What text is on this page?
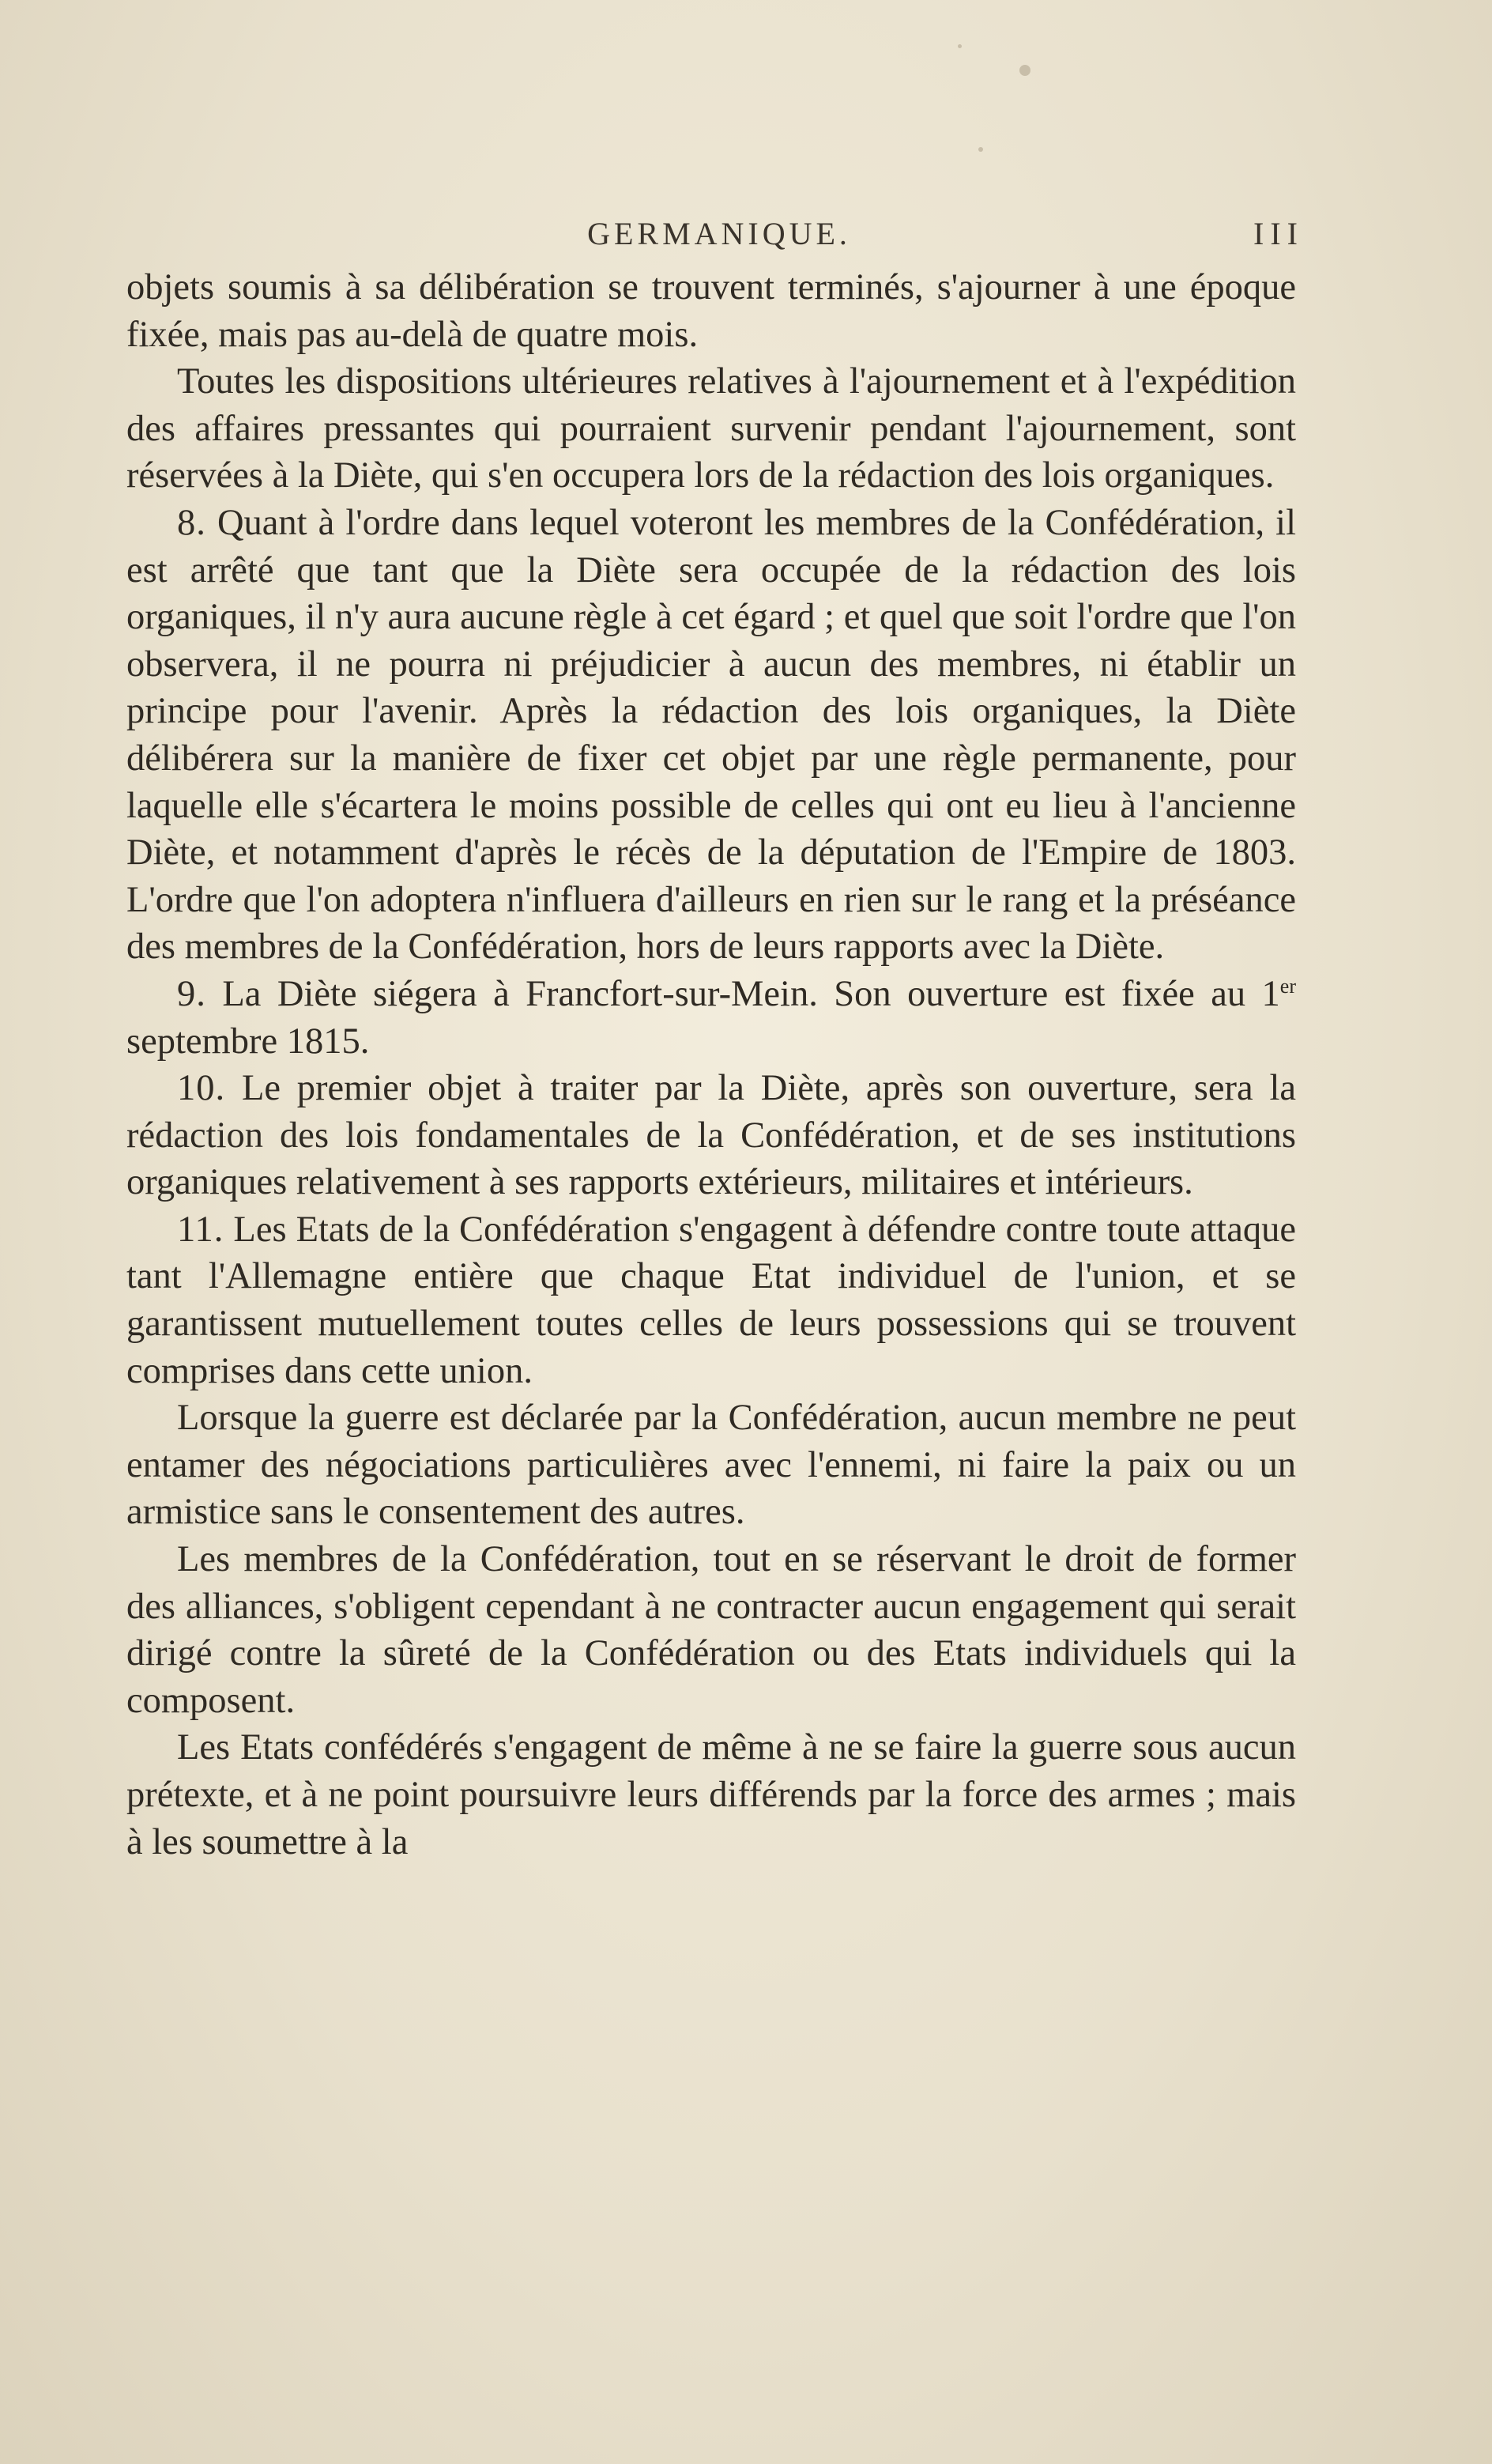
GERMANIQUE.	III

objets soumis à sa délibération se trouvent terminés, s'ajourner à une époque fixée, mais pas au-delà de quatre mois.

Toutes les dispositions ultérieures relatives à l'ajournement et à l'expédition des affaires pressantes qui pourraient survenir pendant l'ajournement, sont réservées à la Diète, qui s'en occupera lors de la rédaction des lois organiques.

8. Quant à l'ordre dans lequel voteront les membres de la Confédération, il est arrêté que tant que la Diète sera occupée de la rédaction des lois organiques, il n'y aura aucune règle à cet égard ; et quel que soit l'ordre que l'on observera, il ne pourra ni préjudicier à aucun des membres, ni établir un principe pour l'avenir. Après la rédaction des lois organiques, la Diète délibérera sur la manière de fixer cet objet par une règle permanente, pour laquelle elle s'écartera le moins possible de celles qui ont eu lieu à l'ancienne Diète, et notamment d'après le récès de la députation de l'Empire de 1803. L'ordre que l'on adoptera n'influera d'ailleurs en rien sur le rang et la préséance des membres de la Confédération, hors de leurs rapports avec la Diète.

9. La Diète siégera à Francfort-sur-Mein. Son ouverture est fixée au 1er septembre 1815.

10. Le premier objet à traiter par la Diète, après son ouverture, sera la rédaction des lois fondamentales de la Confédération, et de ses institutions organiques relativement à ses rapports extérieurs, militaires et intérieurs.

11. Les Etats de la Confédération s'engagent à défendre contre toute attaque tant l'Allemagne entière que chaque Etat individuel de l'union, et se garantissent mutuellement toutes celles de leurs possessions qui se trouvent comprises dans cette union.

Lorsque la guerre est déclarée par la Confédération, aucun membre ne peut entamer des négociations particulières avec l'ennemi, ni faire la paix ou un armistice sans le consentement des autres.

Les membres de la Confédération, tout en se réservant le droit de former des alliances, s'obligent cependant à ne contracter aucun engagement qui serait dirigé contre la sûreté de la Confédération ou des Etats individuels qui la composent.

Les Etats confédérés s'engagent de même à ne se faire la guerre sous aucun prétexte, et à ne point poursuivre leurs différends par la force des armes ; mais à les soumettre à la
